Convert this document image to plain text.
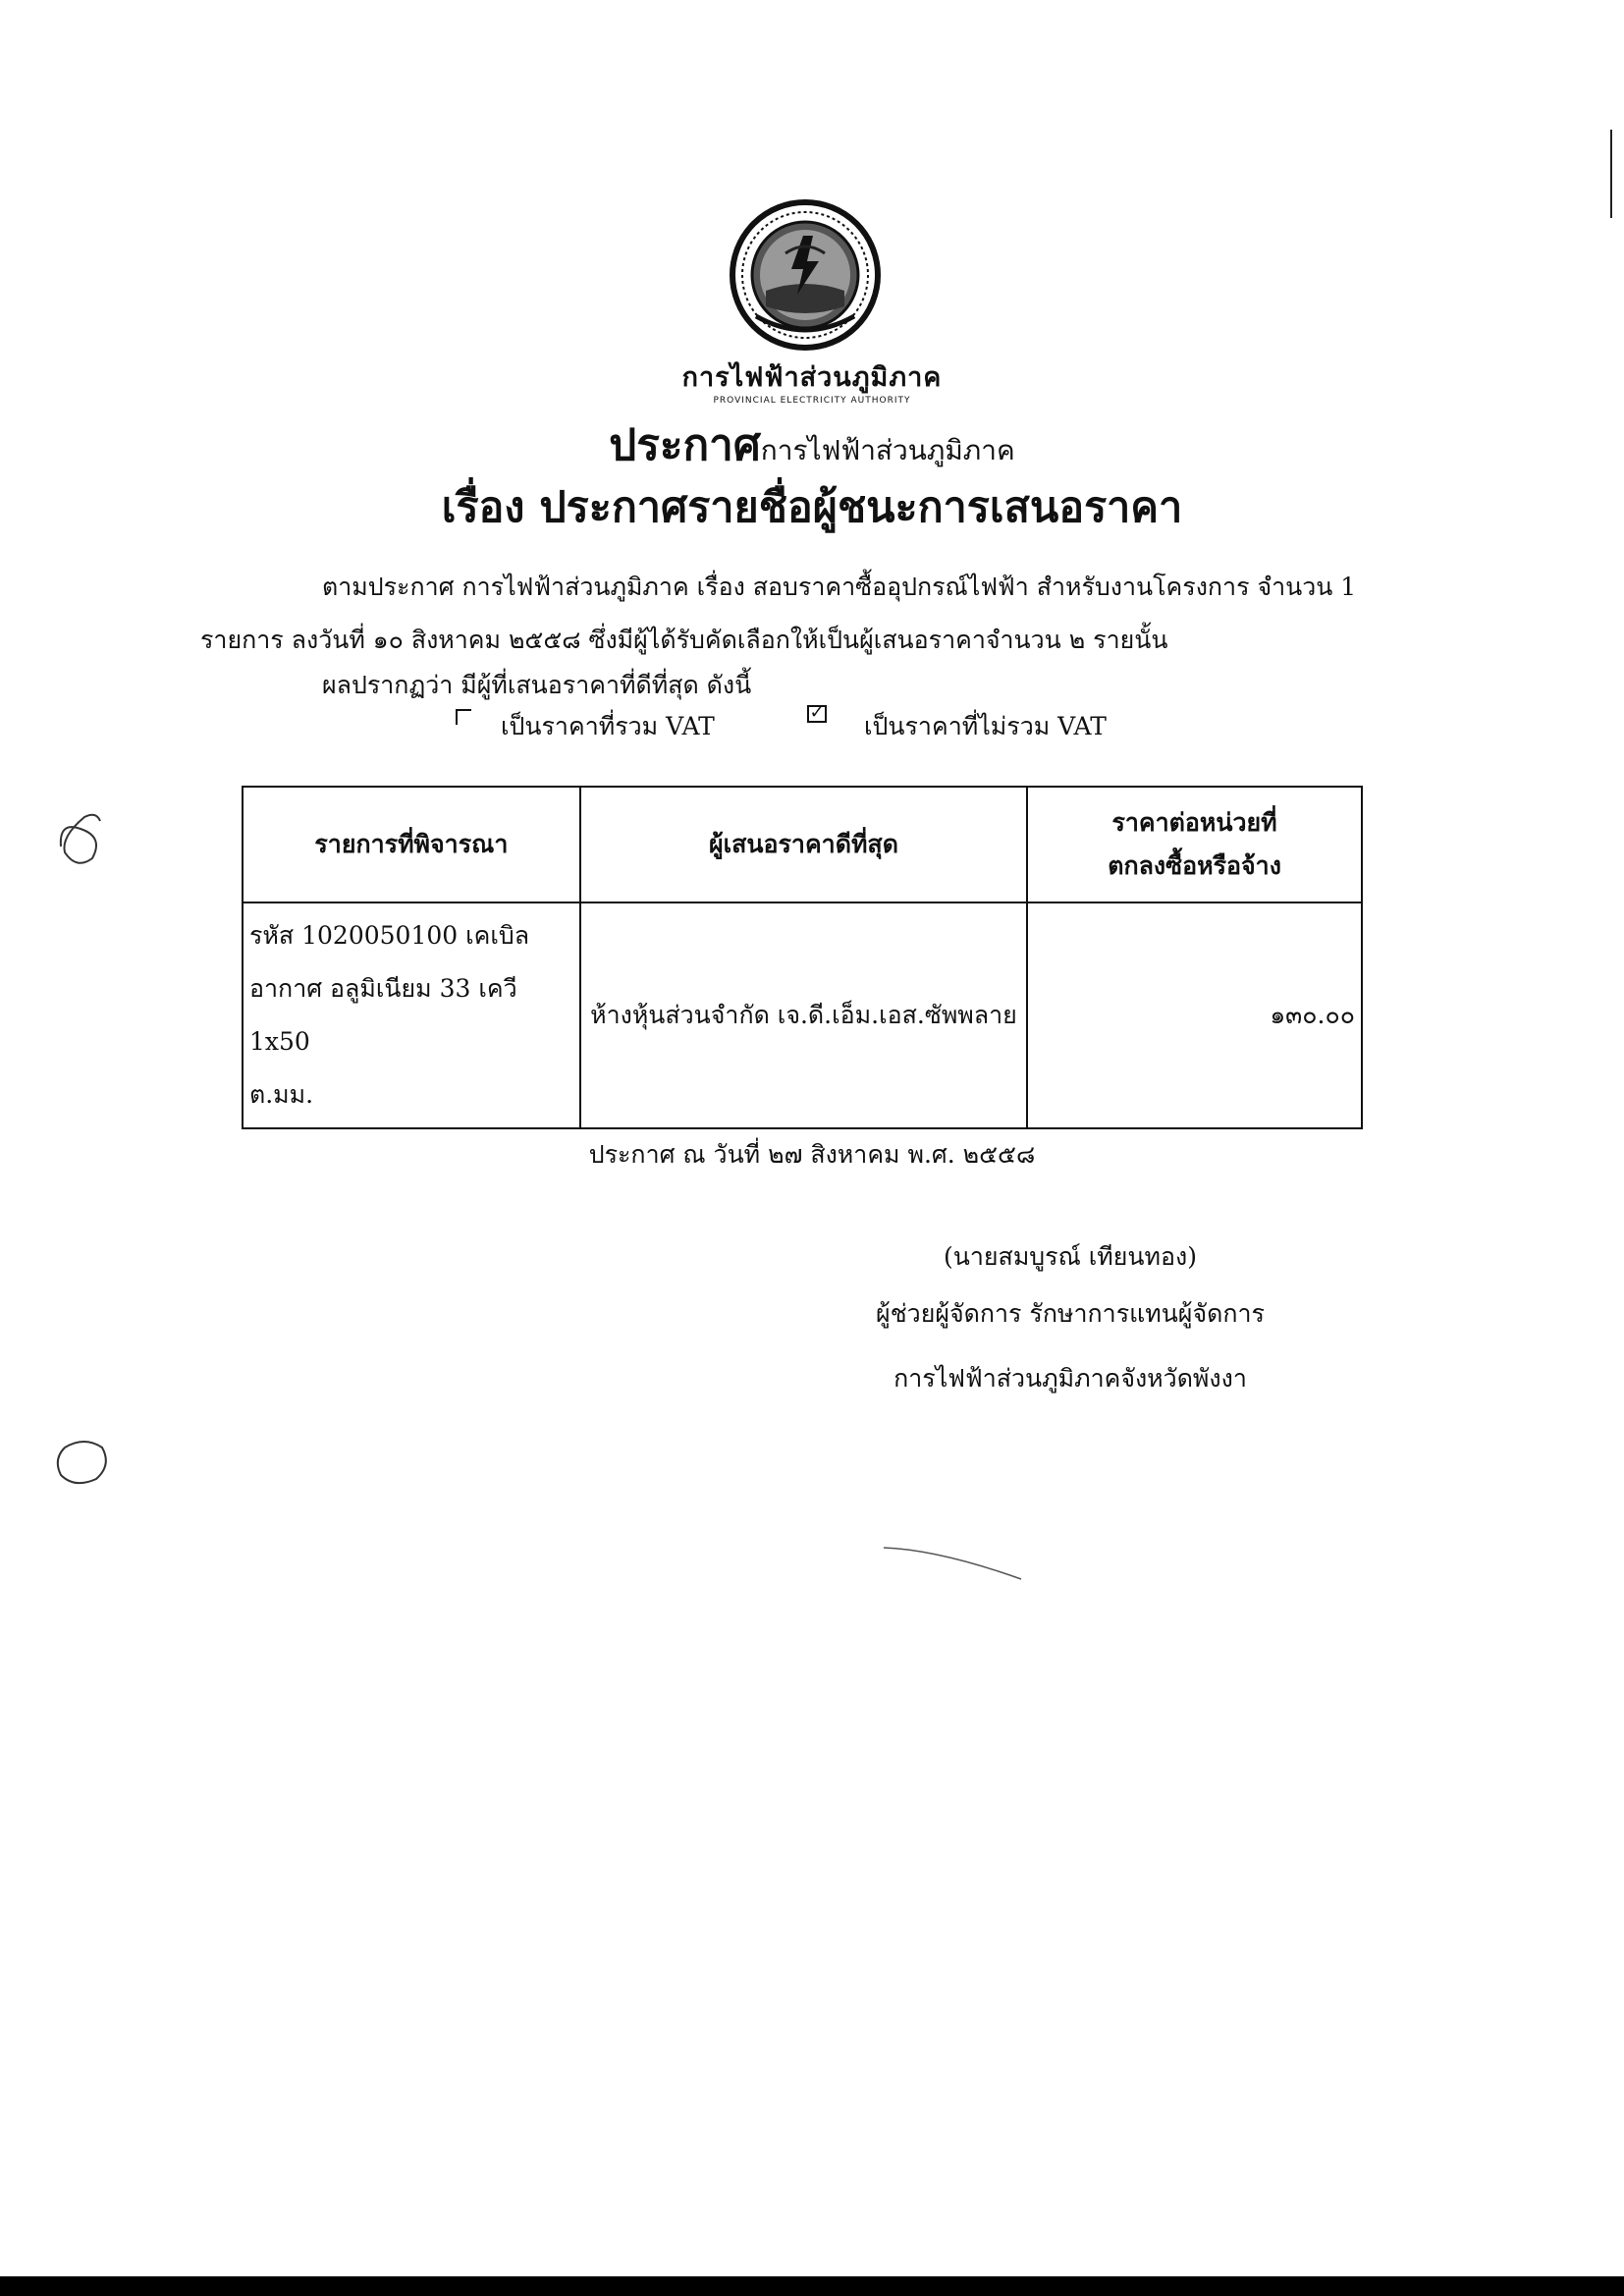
การไฟฟ้าส่วนภูมิภาค
PROVINCIAL ELECTRICITY AUTHORITY
ประกาศการไฟฟ้าส่วนภูมิภาค
เรื่อง ประกาศรายชื่อผู้ชนะการเสนอราคา
ตามประกาศ การไฟฟ้าส่วนภูมิภาค เรื่อง สอบราคาซื้ออุปกรณ์ไฟฟ้า สำหรับงานโครงการ จำนวน 1
รายการ ลงวันที่ ๑๐ สิงหาคม ๒๕๕๘ ซึ่งมีผู้ได้รับคัดเลือกให้เป็นผู้เสนอราคาจำนวน ๒ รายนั้น
ผลปรากฏว่า มีผู้ที่เสนอราคาที่ดีที่สุด ดังนี้
เป็นราคาที่รวม VAT	✓ เป็นราคาที่ไม่รวม VAT
รายการที่พิจารณา	ผู้เสนอราคาดีที่สุด	ราคาต่อหน่วยที่
ตกลงซื้อหรือจ้าง

รหัส 1020050100 เคเบิล
อากาศ อลูมิเนียม 33 เควี 1x50
ต.มม.	ห้างหุ้นส่วนจำกัด เจ.ดี.เอ็ม.เอส.ซัพพลาย	๑๓๐.๐๐
ประกาศ ณ วันที่ ๒๗ สิงหาคม พ.ศ. ๒๕๕๘
(นายสมบูรณ์ เทียนทอง)
ผู้ช่วยผู้จัดการ รักษาการแทนผู้จัดการ
การไฟฟ้าส่วนภูมิภาคจังหวัดพังงา
